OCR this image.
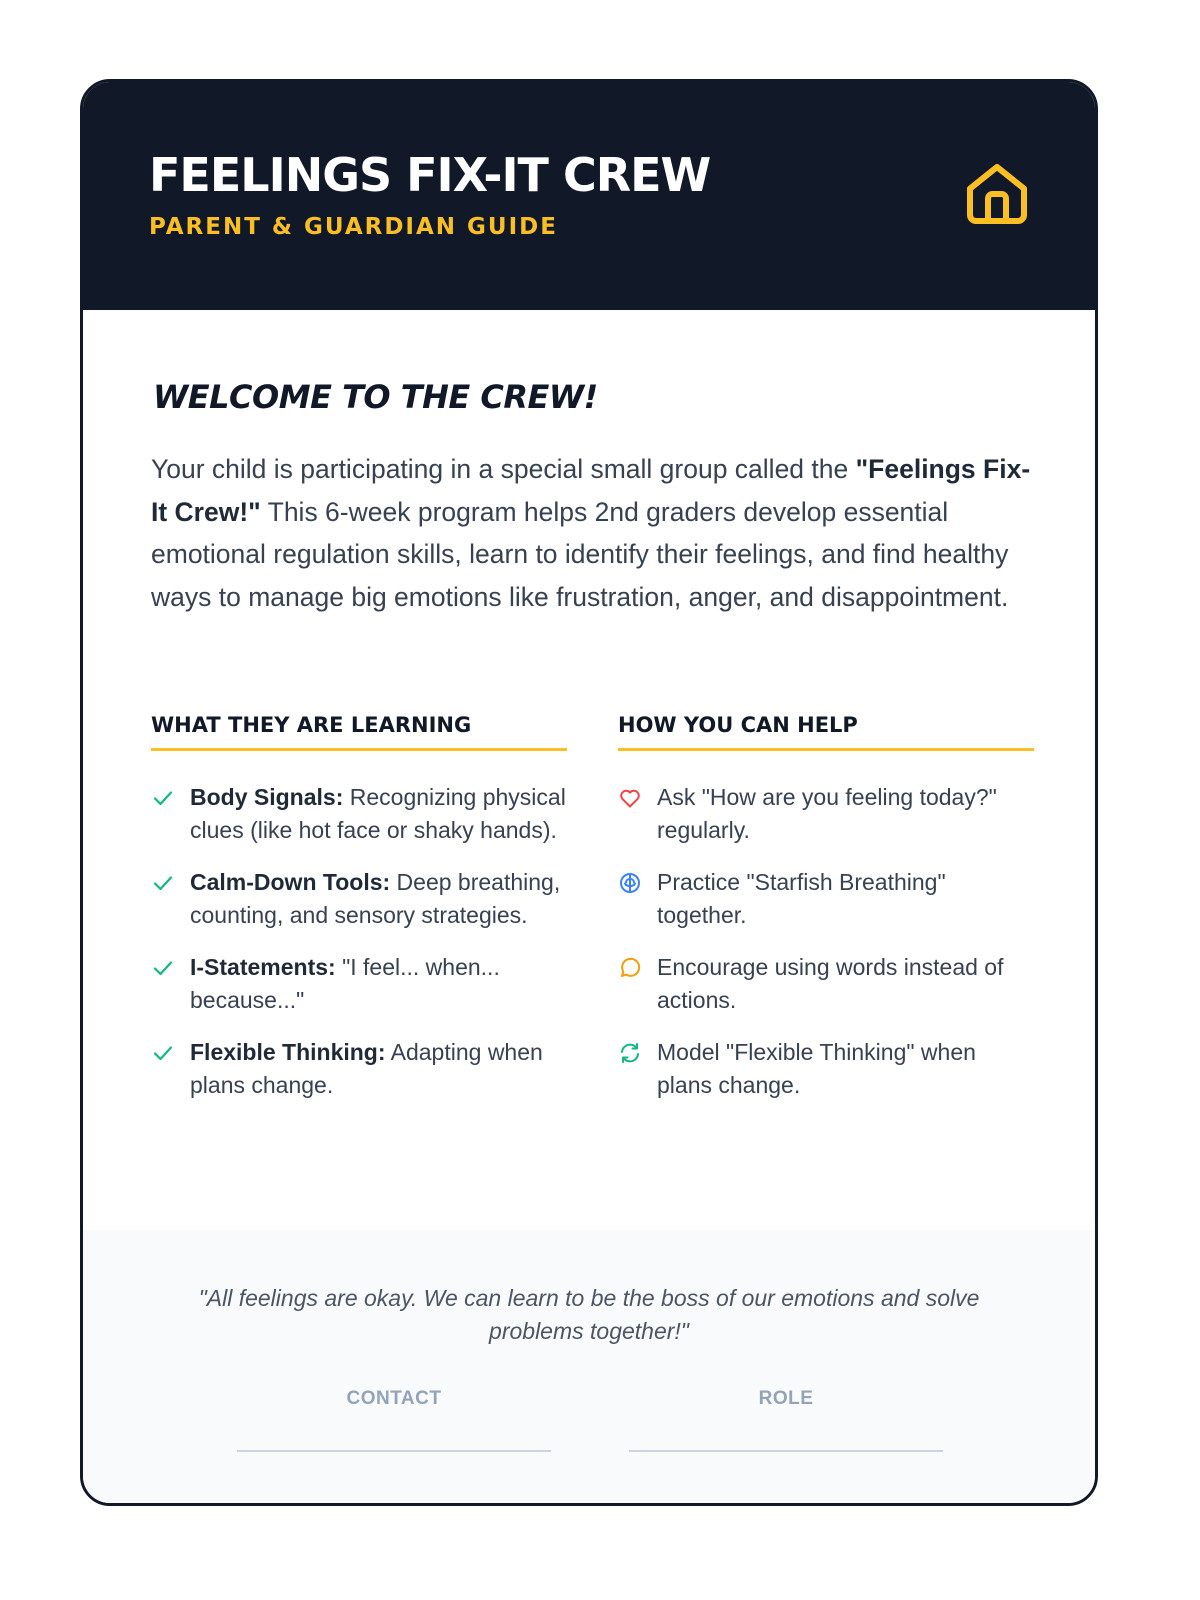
FEELINGS FIX-IT CREW
PARENT & GUARDIAN GUIDE
WELCOME TO THE CREW!

Your child is participating in a special small group called the "Feelings Fix-It Crew!" This 6-week program helps 2nd graders develop essential emotional regulation skills, learn to identify their feelings, and find healthy ways to manage big emotions like frustration, anger, and disappointment.

WHAT THEY ARE LEARNING
Body Signals: Recognizing physical clues (like hot face or shaky hands).
Calm-Down Tools: Deep breathing, counting, and sensory strategies.
I-Statements: "I feel... when... because..."
Flexible Thinking: Adapting when plans change.
HOW YOU CAN HELP
Ask "How are you feeling today?" regularly.
Practice "Starfish Breathing" together.
Encourage using words instead of actions.
Model "Flexible Thinking" when plans change.
"All feelings are okay. We can learn to be the boss of our emotions and solve problems together!"
CONTACT	ROLE
